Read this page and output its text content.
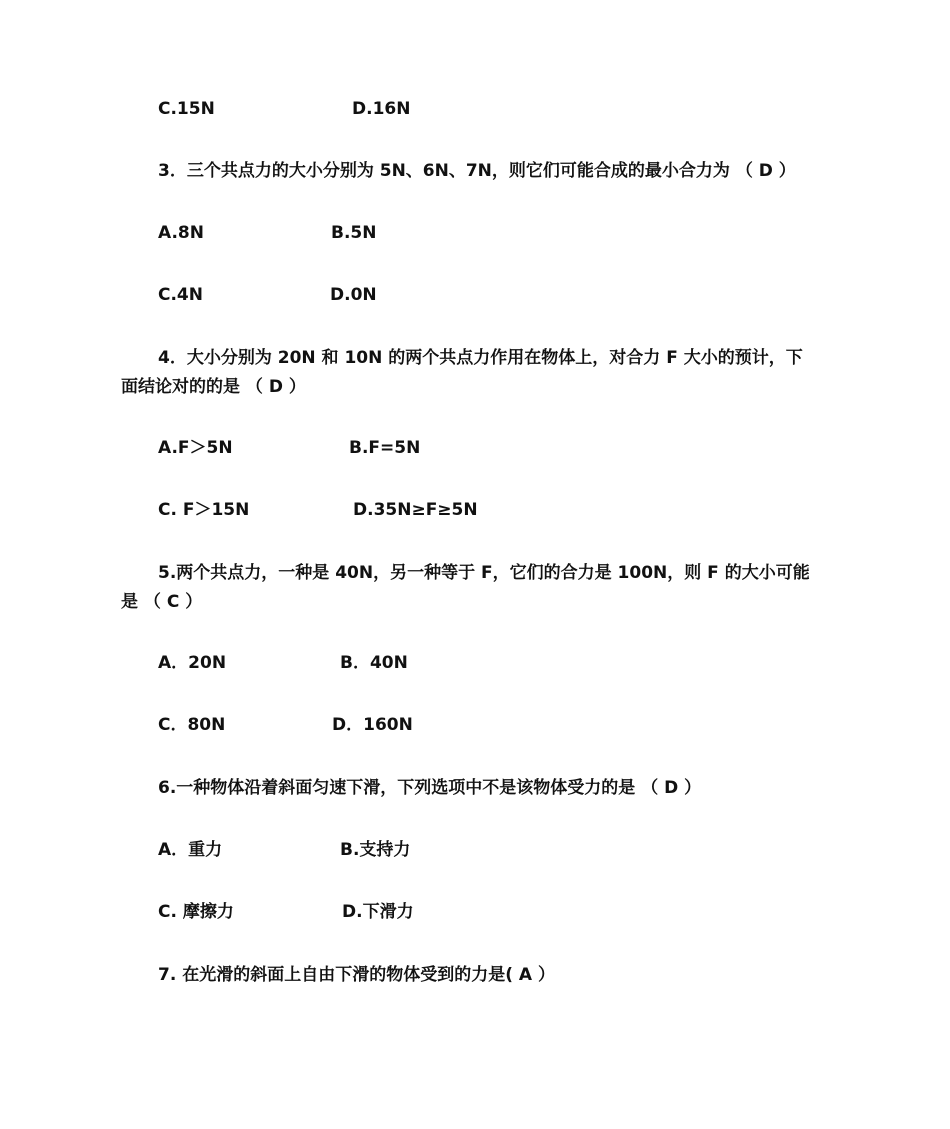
C.15N	D.16N
3．三个共点力的大小分别为 5N、6N、7N，则它们可能合成的最小合力为 （ D ）
A.8N	B.5N
C.4N	D.0N
4．大小分别为 20N 和 10N 的两个共点力作用在物体上，对合力 F 大小的预计，下
面结论对的的是 （ D ）
A.F＞5N	B.F=5N
C. F＞15N	D.35N≥F≥5N
5.两个共点力，一种是 40N，另一种等于 F，它们的合力是 100N，则 F 的大小可能
是 （ C ）
A．20N	B．40N
C．80N	D．160N
6.一种物体沿着斜面匀速下滑，下列选项中不是该物体受力的是 （ D ）
A．重力	B.支持力
C. 摩擦力	D.下滑力
7. 在光滑的斜面上自由下滑的物体受到的力是( A ）
